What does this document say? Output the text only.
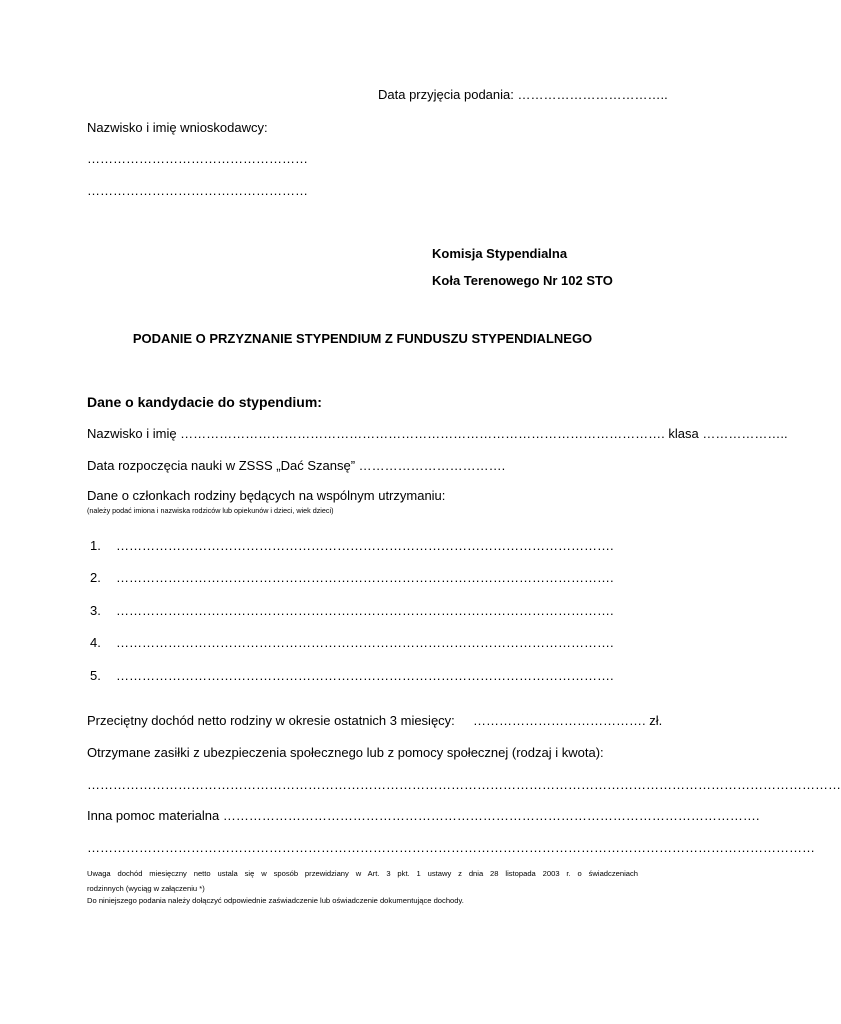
Data przyjęcia podania: ……………………………..
Nazwisko i imię wnioskodawcy:
……………………………………………
……………………………………………
Komisja Stypendialna
Koła Terenowego Nr 102 STO
PODANIE O PRZYZNANIE STYPENDIUM Z FUNDUSZU STYPENDIALNEGO
Dane o kandydacie do stypendium:
Nazwisko i imię …………………………………………………………………………………………………. klasa ………………..
Data rozpoczęcia nauki w ZSSS „Dać Szansę” …………………………….
Dane o członkach rodziny będących na wspólnym utrzymaniu:
(należy podać imiona i nazwiska rodziców lub opiekunów i dzieci, wiek dzieci)
1. …………………………………………………………………………………………………….
2. …………………………………………………………………………………………………….
3. …………………………………………………………………………………………………….
4. …………………………………………………………………………………………………….
5. …………………………………………………………………………………………………….
Przeciętny dochód netto rodziny w okresie ostatnich 3 miesięcy: …………………………………. zł.
Otrzymane zasiłki z ubezpieczenia społecznego lub z pomocy społecznej (rodzaj i kwota):
…………………………………………………………………………………………………………………………………………………………
Inna pomoc materialna …………………………………………………………………………………………………………….
……………………………………………………………………………………………………………………………………………………
Uwaga dochód miesięczny netto ustala się w sposób przewidziany w Art. 3 pkt. 1 ustawy z dnia 28 listopada 2003 r. o świadczeniach
rodzinnych (wyciąg w załączeniu *)
Do niniejszego podania należy dołączyć odpowiednie zaświadczenie lub oświadczenie dokumentujące dochody.
